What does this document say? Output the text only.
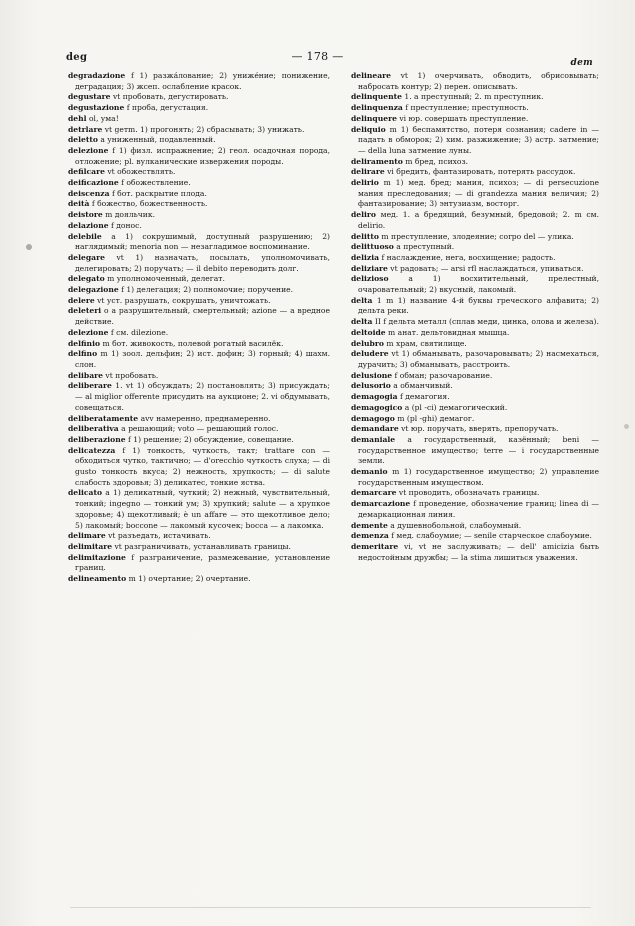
deg	— 178 —	dem

degradazione f 1) разжа́лование; 2) униже́ние; понижение, деградация; 3) жсеп. ослабление красок.

degustare vt пробовать, дегустировать.

degustazione f проба, дегустация.

dehl ol, ума!

detrlare vt geтm. 1) прогонять; 2) сбрасывать; 3) унижать.

deletto a униженный, подавленный.

delezione f 1) физл. испражнение; 2) геол. осадочная порода, отложение; pl. вулканические извержения породы.

defilcare vt обожествлять.

deificazione f обожествление.

deiscenza f бот. раскрытие плода.

deità f божество, божественность.

deistore m дояльчик.

delazione f донос.

delebile a 1) сокрушимый, доступный разрушению; 2) наглядимый; menoria non — незагладимое воспоминание.

delegare vt 1) назначать, посылать, уполномочивать, делегировать; 2) поручать; — il debito переводить долг.

delegato m уполномоченный, делегат.

delegazione f 1) делегация; 2) полномочие; поручение.

delere vt уст. разрушать, сокрушать, уничтожать.

deleteri o a разрушительный, смертельный; azione — a вредное действие.

delezione f см. dilezione.

delfinio m бот. живокость, полевой рогатый василёк.

delfino m 1) зоол. дельфин; 2) ист. дофин; 3) горный; 4) шахм. слон.

delibare vt пробовать.

deliberare 1. vt 1) обсуждать; 2) постановлять; 3) присуждать; — al miglior offerente присудить на аукционе; 2. vi обдумывать, совещаться.

deliberatamente avv намеренно, преднамеренно.

deliberativa a решающий; voto — решающий голос.

deliberazione f 1) решение; 2) обсуждение, совещание.

delicatezza f 1) тонкость, чуткость, такт; trattare con — обходиться чутко, тактично; — d'orecchio чуткость слуха; — di gusto тонкость вкуса; 2) нежность, хрупкость; — di salute слабость здоровья; 3) деликатес, тонкие яства.

delicato a 1) деликатный, чуткий; 2) нежный, чувствительный, тонкий; ingegno — тонкий ум; 3) хрупкий; salute — a хрупкое здоровье; 4) щекотливый; è un affare — это щекотливое дело; 5) лакомый; boccone — лакомый кусочек; bocca — a лакомка.

delimare vt разъедать, истачивать.

delimitare vt разграничивать, устанавливать границы.

delimitazione f разграничение, размежевание, установление границ.

delineamento m 1) очертание; 2) очертание.

delineare vt 1) очерчивать, обводить, обрисовывать; набросать контур; 2) перен. описывать.

delinquente 1. a преступный; 2. m преступник.

delinquenza f преступление; преступность.

delinquere vi юр. совершать преступление.

deliquio m 1) беспамятство, потеря сознания; cadere in — падать в обморок; 2) хим. разжижение; 3) астр. затмение; — della luna затмение луны.

deliramento m бред, психоз.

delirare vi бредить, фантазировать, потерять рассудок.

delirio m 1) мед. бред; мания, психоз; — di persecuzione мания преследования; — di grandezza мания величия; 2) фантазирование; 3) энтузиазм, восторг.

deliro мед. 1. a бредящий, безумный, бредовой; 2. m см. delirio.

delitto m преступление, злодеяние; corpo del — улика.

delittuoso a преступный.

delizia f наслаждение, нега, восхищение; радость.

deliziare vt радовать; — arsi rfl наслаждаться, упиваться.

delizioso	a 1) восхитительный, прелестный, очаровательный; 2) вкусный, лакомый.

delta 1 m 1) название 4-й буквы греческого алфавита; 2) дельта реки.

delta II f дельта металл (сплав меди, цинка, олова и железа).

deltoide m анат. дельтовидная мышца.

delubro m храм, святилище.

deludere vt 1) обманывать, разочаровывать; 2) насмехаться, дурачить; 3) обманывать, расстроить.

delusione f обман; разочарование.

delusorio a обманчивый.

demagogia f демагогия.

demagogico a (pl -ci) демагогический.

demagogo m (pl -ghi) демагог.

demandare vt юр. поручать, вверять, препоручать.

demaniale a государственный, казённый; beni — государственное имущество; terre — i государственные земли.

demanio m 1) государственное имущество; 2) управление государственным имуществом.

demarcare vt проводить, обозначать границы.

demarcazione f проведение, обозначение границ; linea di — демаркационная линия.

demente a душевнобольной, слабоумный.

demenza f мед. слабоумие; — senile старческое слабоумие.

demeritare vi, vt не заслуживать; — dell' amicizia быть недостойным дружбы; — la stima лишиться уважения.
